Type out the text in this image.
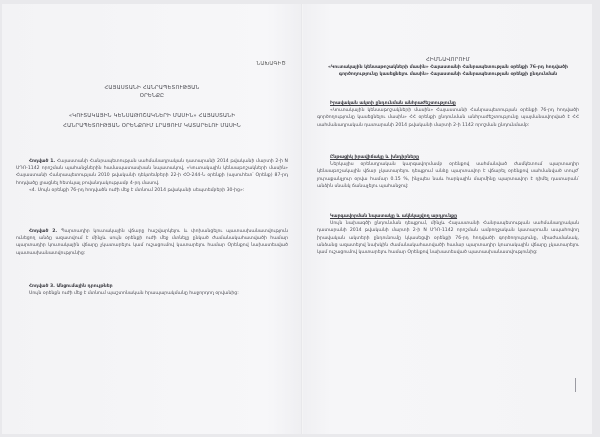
ՆԱԽԱԳԻԾ
ՀԱՅԱՍՏԱՆԻ ՀԱՆՐԱՊԵՏՈՒԹՅԱՆ
ՕՐԵՆՔԸ
«ԿՈՒՏԱԿԱՅԻՆ ԿԵՆՍԱԹՈՇԱԿՆԵՐԻ ՄԱՍԻՆ» ՀԱՅԱՍՏԱՆԻ
ՀԱՆՐԱՊԵՏՈՒԹՅԱՆ ՕՐԵՆՔՈՒՄ ԼՐԱՑՈՒՄ ԿԱՏԱՐԵԼՈՒ ՄԱՍԻՆ
Հոդված 1. Հայաստանի Հանրապետության սահմանադրական դատարանի 2014 թվականի մարտի 2-ի N ՍԴՈ-1142 որոշման պահանջներին համապատասխան նպատակով, «Կուտակային կենսաթոշակների մասին» Հայաստանի Հանրապետության 2010 թվականի դեկտեմբերի 22-ի ՀՕ-244-Ն օրենքի (այսուհետ՝ Օրենք) 87-րդ հոդվածը լրացնել հետևյալ բովանդակությամբ 4-րդ մասով.
«4. Սույն օրենքի 76-րդ հոդվածն ուժի մեջ է մտնում 2014 թվականի սեպտեմբերի 30-ից»:
Հոդված 2. Պարտադիր կուտակային վճարը հաշվարկելու և փոխանցելու պատասխանատվություն ունեցող անձը ազատվում է մինչև սույն օրենքի ուժի մեջ մտնելը ընկած ժամանակահատվածի համար պարտադիր կուտակային վճարը չկատարելու կամ ուշացումով կատարելու համար Օրենքով նախատեսված պատասխանատվությունից:
Հոդված 3. Անցումային դրույթներ
Սույն օրենքն ուժի մեջ է մտնում պաշտոնական հրապարակմանը հաջորդող օրվանից:
ՀԻՄՆԱՎՈՐՈՒՄ
«Կուտակային կենսաթոշակների մասին» Հայաստանի Հանրապետության օրենքի 76-րդ հոդվածի գործողությունը կասեցնելու մասին» Հայաստանի Հանրապետության օրենքի ընդունման
Իրավական ակտի ընդունման անհրաժեշտությունը
«Կուտակային կենսաթոշակների մասին» Հայաստանի Հանրապետության օրենքի 76-րդ հոդվածի գործողությունը կասեցնելու մասին» ՀՀ օրենքի ընդունման անհրաժեշտությունը պայմանավորված է ՀՀ սահմանադրական դատարանի 2014 թվականի մարտի 2-ի 1142 որոշման ընդունմամբ:
Ընթացիկ իրավիճակը և խնդիրները
Ներկայիս օրենսդրական կարգավորմամբ օրենքով սահմանված ժամկետում պարտադիր կենսաթոշակային վճար չկատարելու դեպքում անձը պարտավոր է վճարել օրենքով սահմանված տույժ՝ յուրաքանչյուր օրվա համար 0.15 %, ինչպես նաև հարկային մարմինը պարտավոր է դիմել դատարան՝ անձին սնանկ ճանաչելու պահանջով:
Կարգավորման նպատակը և ակնկալվող արդյունքը
Սույն նախագծի ընդունման դեպքում, մինչև Հայաստանի Հանրապետության սահմանադրական դատարանի 2014 թվականի մարտի 2-ի N ՍԴՈ-1142 որոշման ամբողջական կատարումն ապահովող իրավական ակտերի ընդունումը կկասեցվի օրենքի 76-րդ հոդվածի գործողությունը, միաժամանակ, անձանց ազատելով նախկին ժամանակահատվածի համար պարտադիր կուտակային վճարը չկատարելու կամ ուշացումով կատարելու համար Օրենքով նախատեսված պատասխանատվությունից:
